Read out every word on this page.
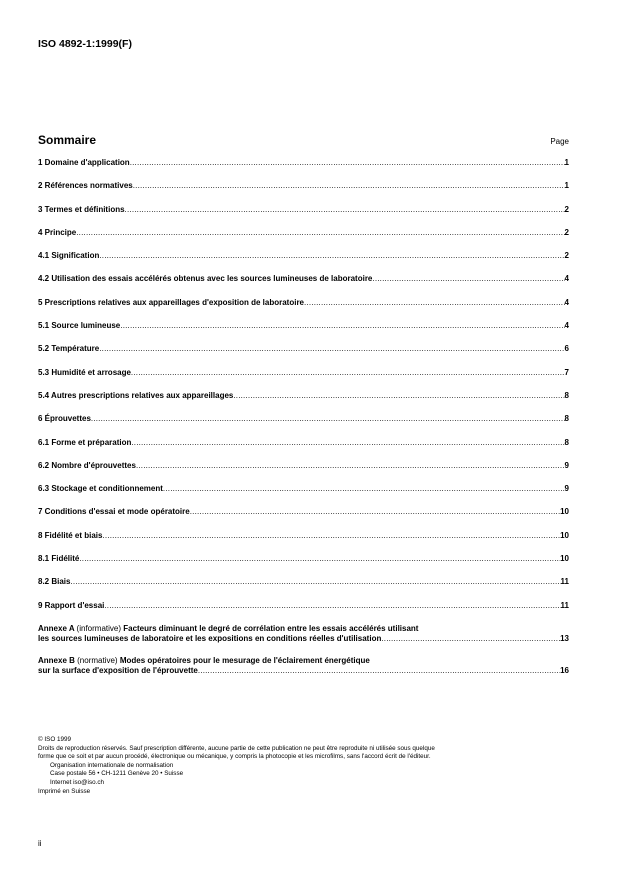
ISO 4892-1:1999(F)
Sommaire	Page
1 Domaine d'application .....	1
2 Références normatives .....	1
3 Termes et définitions .....	2
4 Principe .....	2
4.1 Signification .....	2
4.2 Utilisation des essais accélérés obtenus avec les sources lumineuses de laboratoire .....	4
5 Prescriptions relatives aux appareillages d'exposition de laboratoire .....	4
5.1 Source lumineuse .....	4
5.2 Température .....	6
5.3 Humidité et arrosage .....	7
5.4 Autres prescriptions relatives aux appareillages .....	8
6 Éprouvettes .....	8
6.1 Forme et préparation .....	8
6.2 Nombre d'éprouvettes .....	9
6.3 Stockage et conditionnement .....	9
7 Conditions d'essai et mode opératoire .....	10
8 Fidélité et biais .....	10
8.1 Fidélité .....	10
8.2 Biais .....	11
9 Rapport d'essai .....	11
Annexe A (informative) Facteurs diminuant le degré de corrélation entre les essais accélérés utilisant
les sources lumineuses de laboratoire et les expositions en conditions réelles d'utilisation .....	13
Annexe B (normative) Modes opératoires pour le mesurage de l'éclairement énergétique
sur la surface d'exposition de l'éprouvette .....	16
© ISO 1999
Droits de reproduction réservés. Sauf prescription différente, aucune partie de cette publication ne peut être reproduite ni utilisée sous quelque
forme que ce soit et par aucun procédé, électronique ou mécanique, y compris la photocopie et les microfilms, sans l'accord écrit de l'éditeur.
Organisation internationale de normalisation
Case postale 56 • CH-1211 Genève 20 • Suisse
Internet iso@iso.ch
Imprimé en Suisse
ii
